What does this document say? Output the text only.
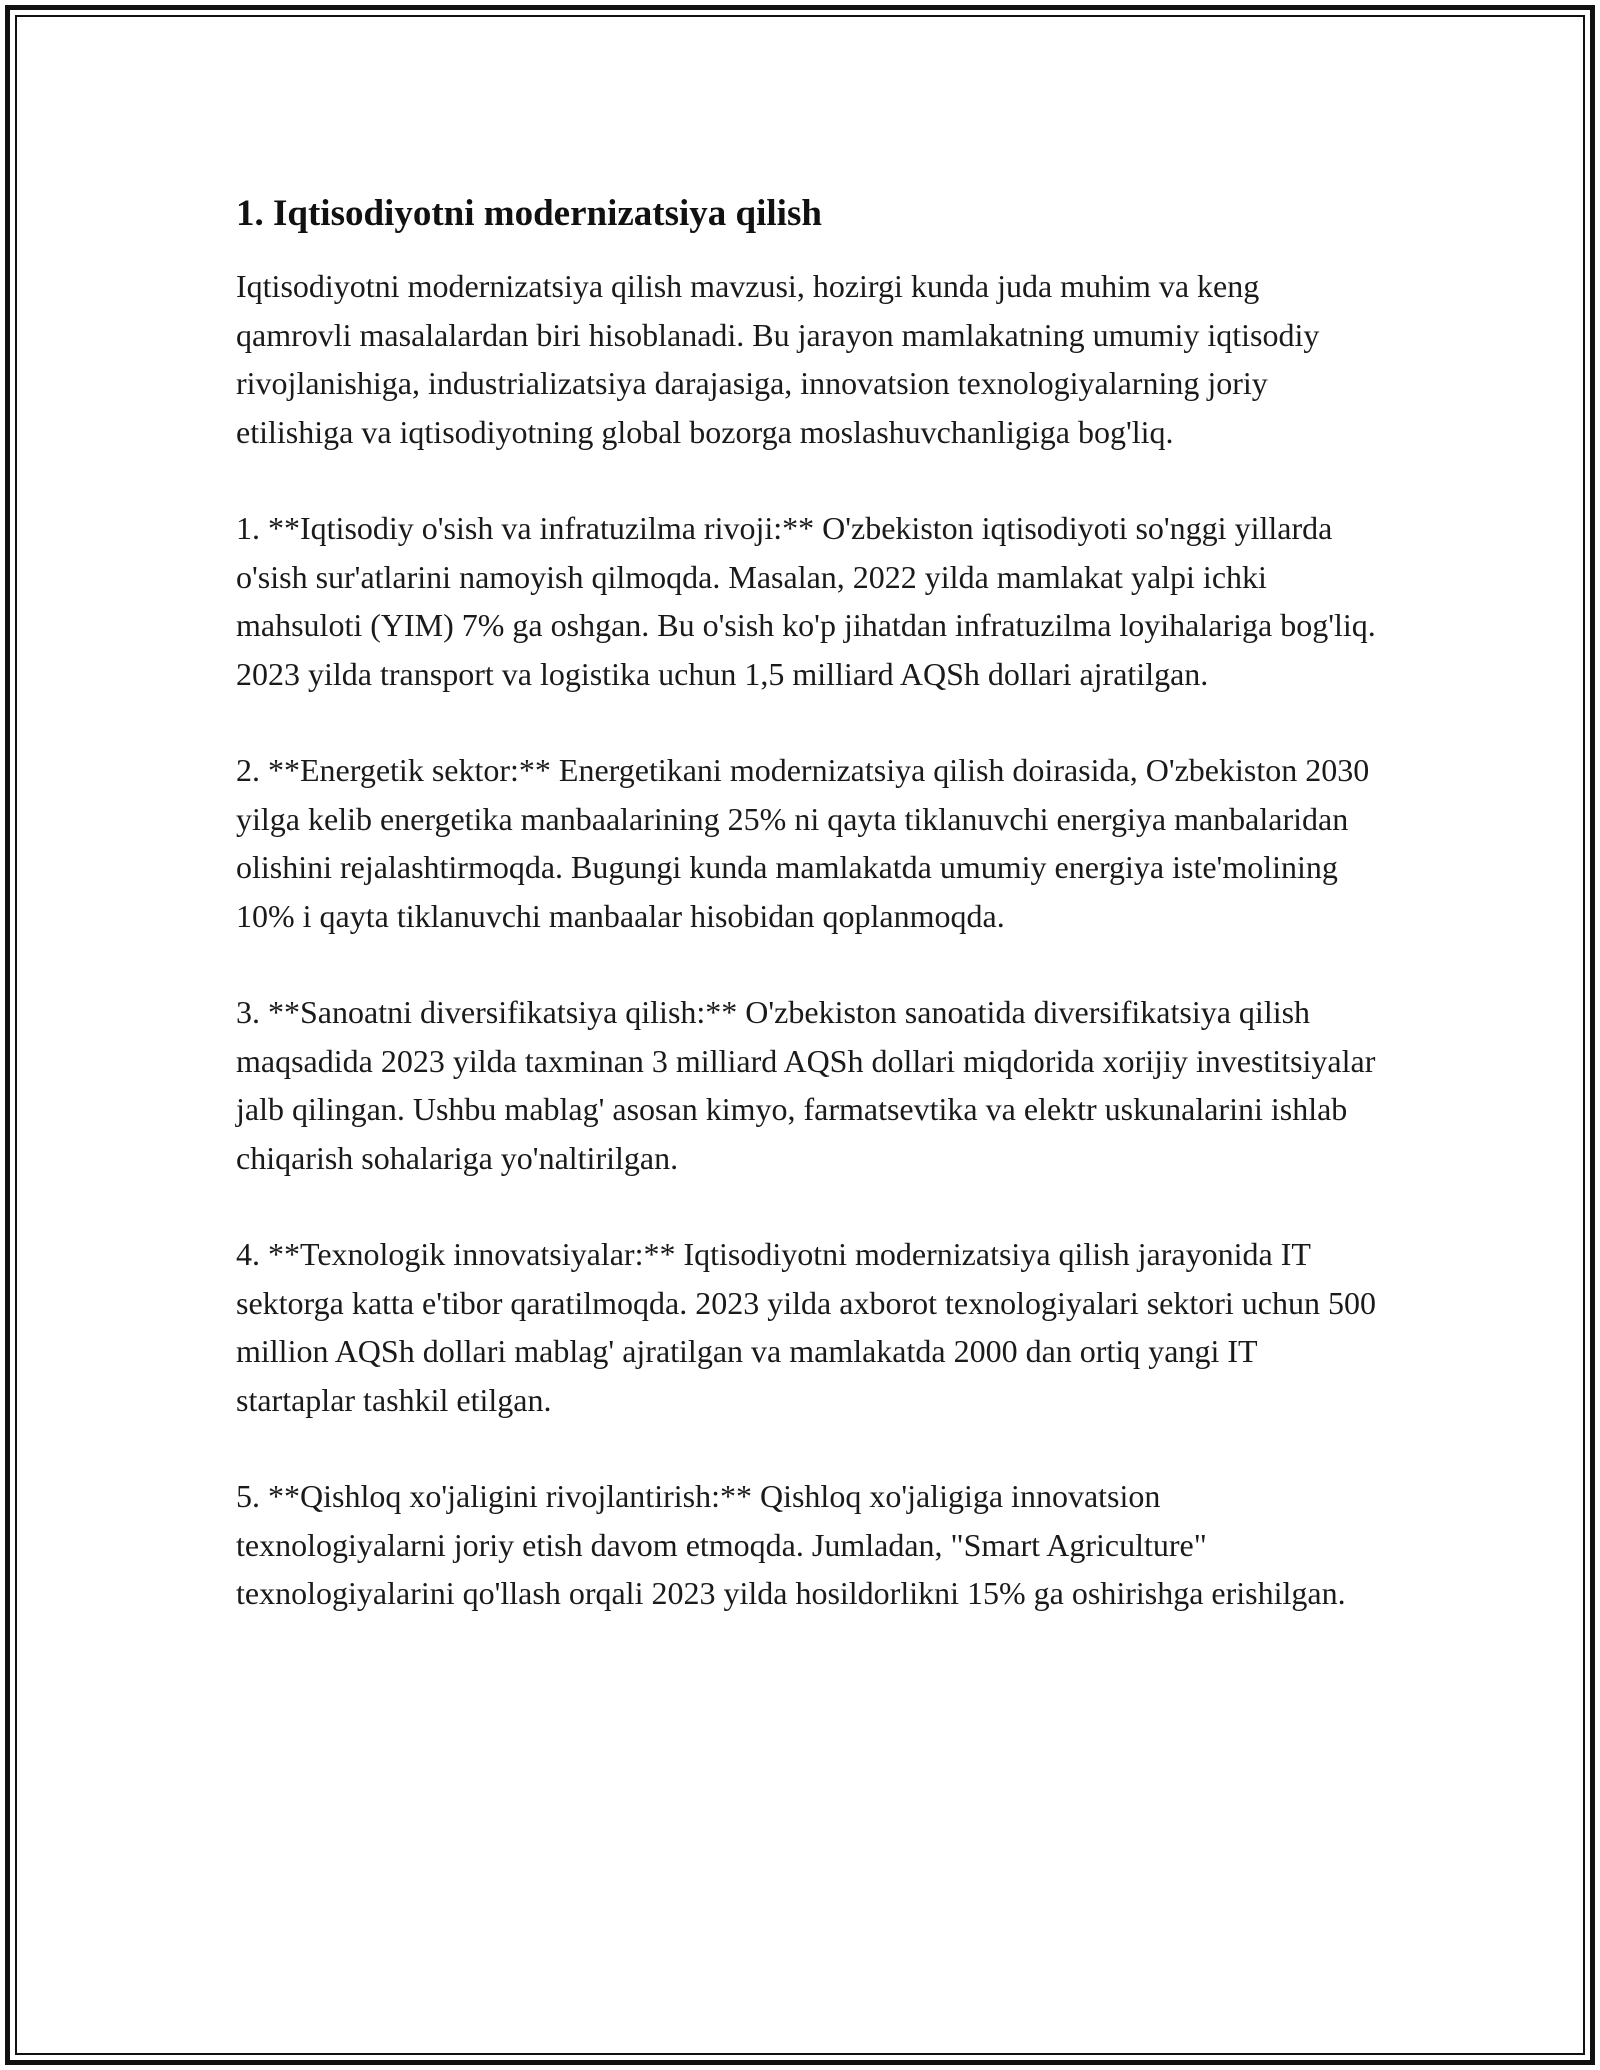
1. Iqtisodiyotni modernizatsiya qilish

Iqtisodiyotni modernizatsiya qilish mavzusi, hozirgi kunda juda muhim va keng qamrovli masalalardan biri hisoblanadi. Bu jarayon mamlakatning umumiy iqtisodiy rivojlanishiga, industrializatsiya darajasiga, innovatsion texnologiyalarning joriy etilishiga va iqtisodiyotning global bozorga moslashuvchanligiga bog'liq.

1. **Iqtisodiy o'sish va infratuzilma rivoji:** O'zbekiston iqtisodiyoti so'nggi yillarda o'sish sur'atlarini namoyish qilmoqda. Masalan, 2022 yilda mamlakat yalpi ichki mahsuloti (YIM) 7% ga oshgan. Bu o'sish ko'p jihatdan infratuzilma loyihalariga bog'liq. 2023 yilda transport va logistika uchun 1,5 milliard AQSh dollari ajratilgan.

2. **Energetik sektor:** Energetikani modernizatsiya qilish doirasida, O'zbekiston 2030 yilga kelib energetika manbaalarining 25% ni qayta tiklanuvchi energiya manbalaridan olishini rejalashtirmoqda. Bugungi kunda mamlakatda umumiy energiya iste'molining 10% i qayta tiklanuvchi manbaalar hisobidan qoplanmoqda.

3. **Sanoatni diversifikatsiya qilish:** O'zbekiston sanoatida diversifikatsiya qilish maqsadida 2023 yilda taxminan 3 milliard AQSh dollari miqdorida xorijiy investitsiyalar jalb qilingan. Ushbu mablag' asosan kimyo, farmatsevtika va elektr uskunalarini ishlab chiqarish sohalariga yo'naltirilgan.

4. **Texnologik innovatsiyalar:** Iqtisodiyotni modernizatsiya qilish jarayonida IT sektorga katta e'tibor qaratilmoqda. 2023 yilda axborot texnologiyalari sektori uchun 500 million AQSh dollari mablag' ajratilgan va mamlakatda 2000 dan ortiq yangi IT startaplar tashkil etilgan.

5. **Qishloq xo'jaligini rivojlantirish:** Qishloq xo'jaligiga innovatsion texnologiyalarni joriy etish davom etmoqda. Jumladan, "Smart Agriculture" texnologiyalarini qo'llash orqali 2023 yilda hosildorlikni 15% ga oshirishga erishilgan.
